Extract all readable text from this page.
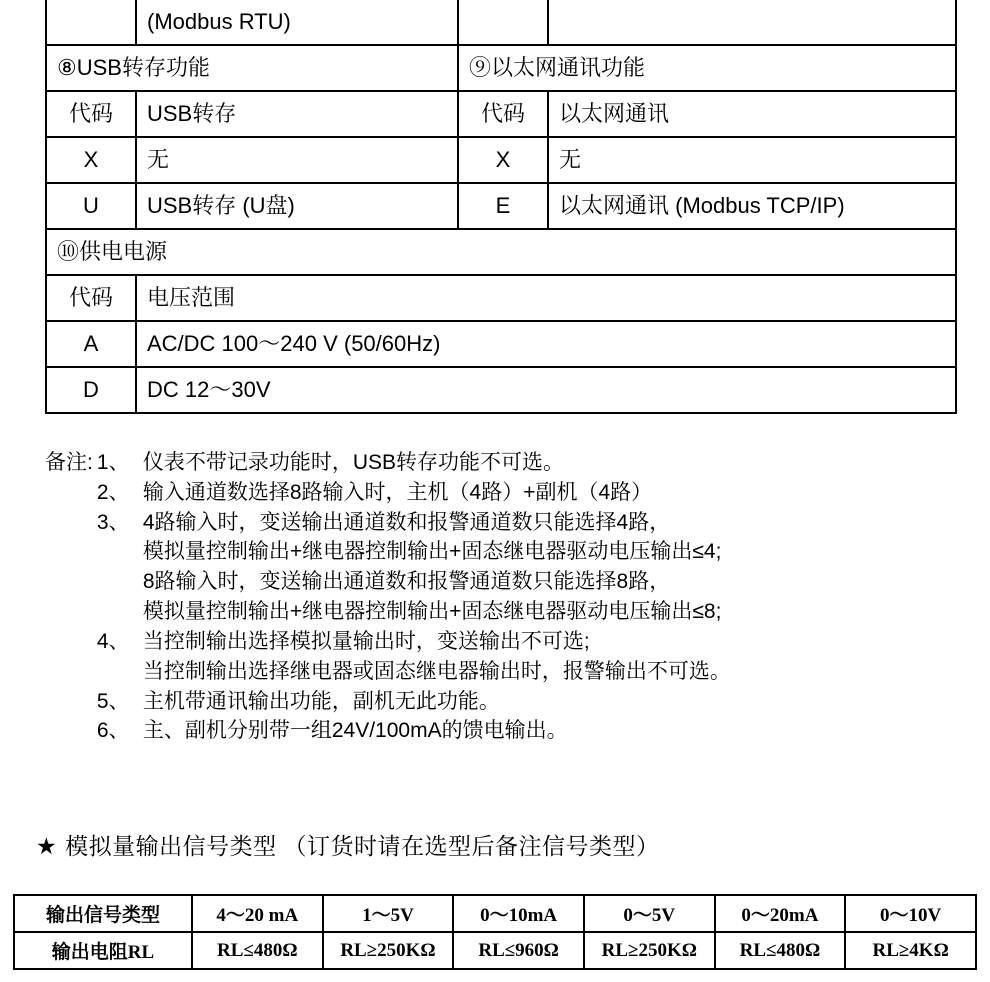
	(Modbus RTU)		
⑧USB转存功能		⑨以太网通讯功能	
代码	USB转存	代码	以太网通讯
X	无	X	无
U	USB转存 (U盘)	E	以太网通讯 (Modbus TCP/IP)
⑩供电电源			
代码	电压范围		
A	AC/DC 100～240 V (50/60Hz)		
D	DC 12～30V		
备注: 1、 仪表不带记录功能时，USB转存功能不可选。
2、 输入通道数选择8路输入时，主机（4路）+副机（4路）
3、 4路输入时，变送输出通道数和报警通道数只能选择4路，
模拟量控制输出+继电器控制输出+固态继电器驱动电压输出≤4;
8路输入时，变送输出通道数和报警通道数只能选择8路，
模拟量控制输出+继电器控制输出+固态继电器驱动电压输出≤8;
4、 当控制输出选择模拟量输出时，变送输出不可选;
当控制输出选择继电器或固态继电器输出时，报警输出不可选。
5、 主机带通讯输出功能，副机无此功能。
6、 主、副机分别带一组24V/100mA的馈电输出。
★ 模拟量输出信号类型 （订货时请在选型后备注信号类型）
输出信号类型	4～20 mA	1～5V	0～10mA	0～5V	0～20mA	0～10V
输出电阻RL	RL≤480Ω	RL≥250KΩ	RL≤960Ω	RL≥250KΩ	RL≤480Ω	RL≥4KΩ
